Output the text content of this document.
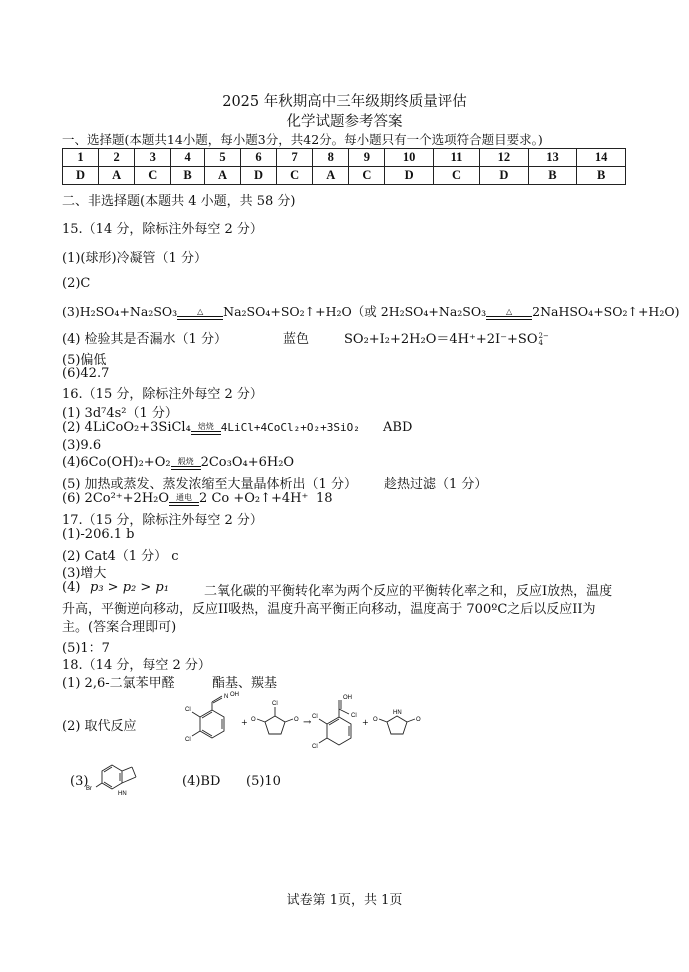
2025 年秋期高中三年级期终质量评估
化学试题参考答案
一、选择题(本题共14小题，每小题3分，共42分。每小题只有一个选项符合题目要求。)
1	2	3	4	5	6	7	8	9	10	11	12	13	14
D	A	C	B	A	D	C	A	C	D	C	D	B	B
二、非选择题(本题共 4 小题，共 58 分)
15.（14 分，除标注外每空 2 分）
(1)(球形)冷凝管（1 分）
(2)C
(3)H₂SO₄+Na₂SO₃	△	Na₂SO₄+SO₂↑+H₂O（或 2H₂SO₄+Na₂SO₃	△	2NaHSO₄+SO₂↑+H₂O)
(4) 检验其是否漏水（1 分）	蓝色	SO₂+I₂+2H₂O＝4H⁺+2I⁻+SO 2−
4
(5)偏低
(6)42.7
16.（15 分，除标注外每空 2 分）
(1) 3d⁷4s²（1 分）
(2) 4LiCoO₂+3SiCl₄ 焙烧 4LiCl+4CoCl₂+O₂+3SiO₂ ABD
(3)9.6
(4)6Co(OH)₂+O₂ 煅烧 2Co₃O₄+6H₂O
(5) 加热或蒸发、蒸发浓缩至大量晶体析出（1 分） 趁热过滤（1 分）
(6) 2Co²⁺+2H₂O 通电 2 Co +O₂↑+4H⁺ 18
17.（15 分，除标注外每空 2 分）
(1)-206.1 b
(2) Cat4（1 分） c
(3)增大
(4) p₃ > p₂ > p₁	二氧化碳的平衡转化率为两个反应的平衡转化率之和，反应I放热，温度
升高，平衡逆向移动，反应II吸热，温度升高平衡正向移动，温度高于 700ºC之后以反应II为
主。(答案合理即可)
(5)1：7
18.（14 分，每空 2 分）
(1) 2,6-二氯苯甲醛	酯基、羰基
(2) 取代反应
N OH
Cl
Cl
+
Cl
O	O →
OH
Cl
Cl
Cl
+
HN
O	O
(3)
Br
HN
(4)BD (5)10
试卷第 1页，共 1页
